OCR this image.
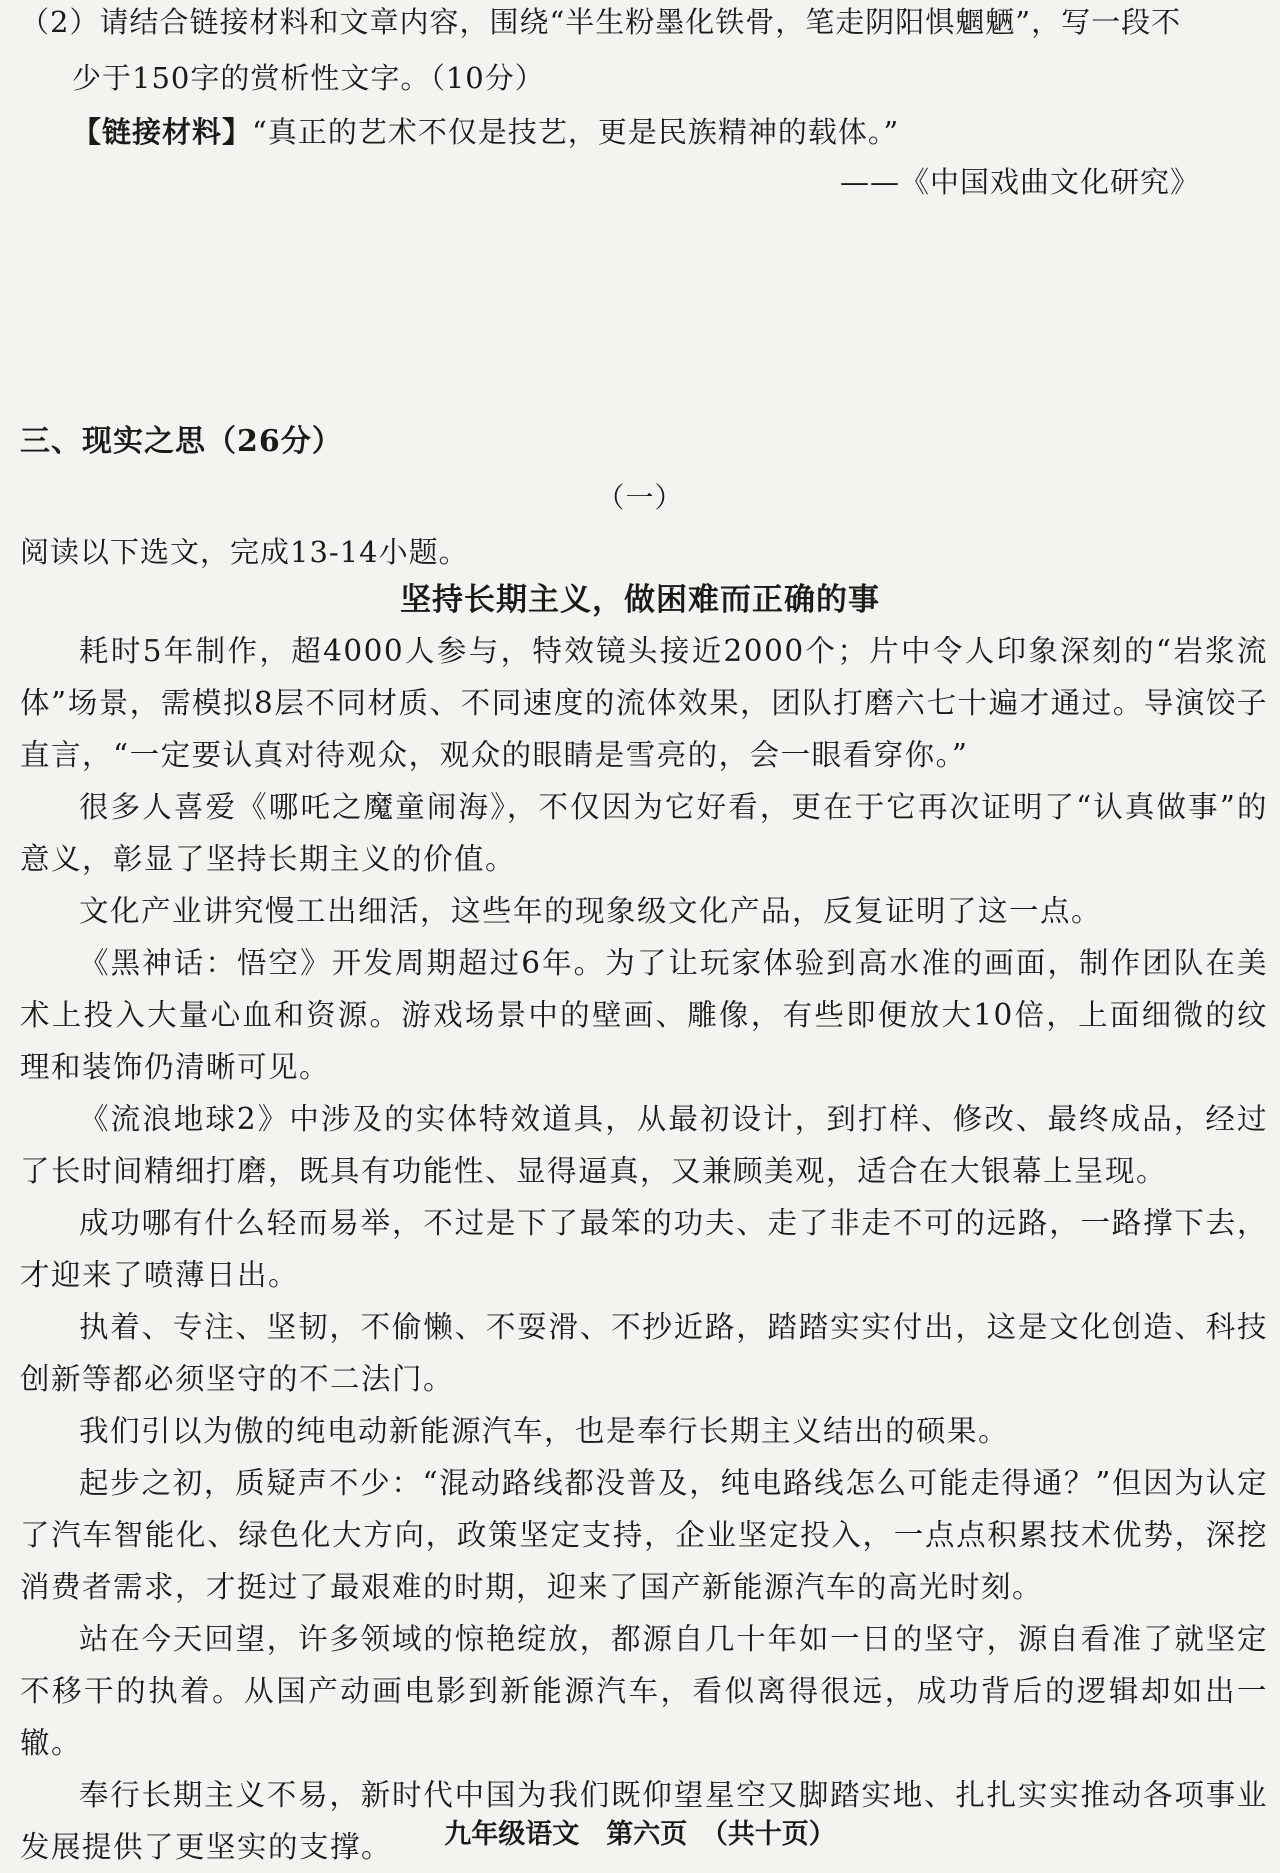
（2）请结合链接材料和文章内容，围绕“半生粉墨化铁骨，笔走阴阳惧魍魉”，写一段不
少于150字的赏析性文字。（10分）
【链接材料】“真正的艺术不仅是技艺，更是民族精神的载体。”
——《中国戏曲文化研究》
三、现实之思（26分）
（一）
阅读以下选文，完成13-14小题。
坚持长期主义，做困难而正确的事

耗时5年制作，超4000人参与，特效镜头接近2000个；片中令人印象深刻的“岩浆流体”场景，需模拟8层不同材质、不同速度的流体效果，团队打磨六七十遍才通过。导演饺子直言，“一定要认真对待观众，观众的眼睛是雪亮的，会一眼看穿你。”

很多人喜爱《哪吒之魔童闹海》，不仅因为它好看，更在于它再次证明了“认真做事”的意义，彰显了坚持长期主义的价值。

文化产业讲究慢工出细活，这些年的现象级文化产品，反复证明了这一点。

《黑神话：悟空》开发周期超过6年。为了让玩家体验到高水准的画面，制作团队在美术上投入大量心血和资源。游戏场景中的壁画、雕像，有些即便放大10倍，上面细微的纹理和装饰仍清晰可见。

《流浪地球2》中涉及的实体特效道具，从最初设计，到打样、修改、最终成品，经过了长时间精细打磨，既具有功能性、显得逼真，又兼顾美观，适合在大银幕上呈现。

成功哪有什么轻而易举，不过是下了最笨的功夫、走了非走不可的远路，一路撑下去，才迎来了喷薄日出。

执着、专注、坚韧，不偷懒、不耍滑、不抄近路，踏踏实实付出，这是文化创造、科技创新等都必须坚守的不二法门。

我们引以为傲的纯电动新能源汽车，也是奉行长期主义结出的硕果。

起步之初，质疑声不少：“混动路线都没普及，纯电路线怎么可能走得通？”但因为认定了汽车智能化、绿色化大方向，政策坚定支持，企业坚定投入，一点点积累技术优势，深挖消费者需求，才挺过了最艰难的时期，迎来了国产新能源汽车的高光时刻。

站在今天回望，许多领域的惊艳绽放，都源自几十年如一日的坚守，源自看准了就坚定不移干的执着。从国产动画电影到新能源汽车，看似离得很远，成功背后的逻辑却如出一辙。

奉行长期主义不易，新时代中国为我们既仰望星空又脚踏实地、扎扎实实推动各项事业发展提供了更坚实的支撑。	九年级语文　第六页　（共十页）
